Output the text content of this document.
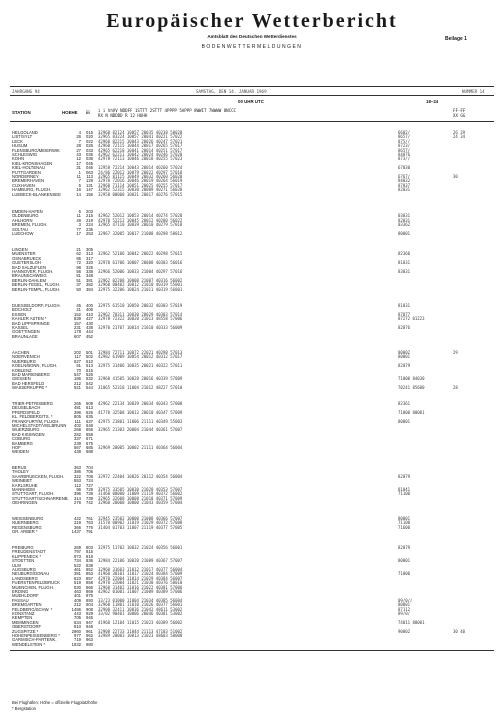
Europäischer Wetterbericht
Amtsblatt des Deutschen Wetterdienstes	Beilage 1
BODENWETTERMELDUNGEN
JAHRGANG 94	SAMSTAG, DEN 14. JANUAR 1969	NUMMER 14
00 UHR UTC	18–24
STATION	HOEHE iii i i hhVV NDDFF 1STTT 2STTT 4PPPP 5APPP 8WWIT 7WWWW 8NCCC
RX N NDDDD R 12 HUHH
FF-FF
XX GG
HELGOLAND	4	015 32968 82124 10057 20035 40238 58020	6602/	26 39
LIST/SYLT	26	020 32965 83224 10057 20041 40221 57022	8657/	24 34
LECK	7	022 42960 82215 10043 20026 40247 57021	875//
HUSUM	28	026 42960 72115 10044 20017 40265 57017	8723/
FLENSBURG/MEIERWIK	27	033 42965 62218 10041 20014 40251 57017	8657/
SCHLESWIG	43	035 42962 62211 10042 20024 40246 57020	84076
KOHN	12	036 42978 72113 10046 20018 40255 57023	873//
KIEL-KRONSHAGEN	17	045
KIEL-HOLTENAU	31	046 12958 72214 10043 20014 40260 57024	67030
PUTTGARDEN	1	063 24/86 22012 10079 20022 40297 57018
NORDERNEY	11	113 32965 81115 10049 20032 40260 56020	6767/	30
BREMERHAVEN	7	129 32970 72016 10046 20019 40264 56019	84032
CUXHAVEN	5	131 32960 71114 10051 20025 40255 57017	87037
HAMBURG, FLUGH.	16	147 32962 52315 10030 20009 40271 56020	82031
LUEBECK-BLANKENSEE	14	156 32958 00000 10031 20017 40276 57015
EMDEN-HAFEN	5	203
OLDENBURG	11	215 42962 52012 10053 20014 40274 57020	03031
AHLHORN	49	219 42970 52212 10045 20012 40280 56022	82031
BREMEN, FLUGH.	3	224 32965 47110 10039 20010 40279 57018	03362
SOLTAU	77	235
LUECHOW	17	253 32967 32005 10017 21008 40298 58012	80001
LINGEN	21	305
MUENSTER	62	313 32962 52106 10042 20022 40298 57015	82360
OSNABRUECK	95	317
GUETERSLOH	72	320 32970 61706 10007 20008 40303 56016	81031
BAD SALZUFLEN	98	325
HANNOVER, FLUGH.	56	338 32966 52006 10033 21004 40297 57016	83031
BRAUNSCHWEIG	81	348
BERLIN-DAHLEM	51	381 32962 02208 10008 21007 40316 56002
BERLIN-TEGEL, FLUGH.	37	382 32960 00402 10012 21010 40319 55001
BERLIN-TEMPL, FLUGH.	50	384 32975 32206 10024 21011 40319 56001
DUESSELDORF, FLUGH.	45	400 32975 61510 10050 20032 40303 57019	81031
BOCHOLT	21	406
ESSEN	152	410 32962 70311 10030 20029 40303 57014	87077
KAHLER ASTEN *	839	427 32978 72322 10020 21013 48558 57006	87272 01223
BAD LIPPSPRINGE	157	430
KASSEL	231	438 32970 21707 10014 21010 40333 56009	82076
GOETTINGEN	178	444
BRAUNLAGE	607	452
AACHEN	202	501 32984 72711 10072 22021 40298 57013	80002	29
NOERVENICH	117	502 42982 61909 10054 20012 40312 57017	80001
NUERBURG	627	510
KOELN/BONN, FLUGH.	91	513 32975 31406 10035 20021 40322 57011	82079
KOBLENZ	70	515
BAD MARIENBERG	547	526
GIESSEN	186	532 32960 41505 10028 20016 40339 57009	71000 84030
BAD HERSFELD	212	542
WASSERKUPPE *	921	544 31065 52318 11004 21012 48227 57010	70241 85600	28
TRIER-PETRISBERG	265	609 42962 22134 10039 20034 40343 57008	82361
DEUSELBACH	481	613
PFERDSFELD	396	626 41770 32508 10013 20010 40347 57009	71000 80001
KL. FELDBERG/TS. *	805	635
FRANKFURT/M, FLUGH.	111	637 42975 21801 11006 21111 40349 55003	80001
MICHELSTADT/VIELBRUNN	402	648
WUERZBURG	268	655 32965 21303 20004 21044 40361 57007
BAD KISSINGEN	282	658
COBURG	337	671
BAMBERG	239	675
HOF	567	685 32969 20005 10002 21111 40364 56004
WEIDEN	438	688
BERUS	363	704
THOLEY	386	706
SAARBRUECKEN, FLUGH.	322	708 32972 22404 10026 20112 40354 56004	82079
WEINBIET	553	724
KARLSRUHE	112	727
MANNHEIM	96	729 32975 33505 10030 21028 40353 57007	81041
STUTTGART, FLUGH.	396	738 31460 00000 11009 21119 40372 56002	71100
STUTTGART/SCHNARRENB.	314	739 32965 32608 10008 21010 40371 57009
OEHRINGEN	276	742 32960 20000 10000 21043 40359 57004
WEISSENBURG	422	761 32945 23502 10000 21008 40366 57007	80001
NUERNBERG	319	763 31570 00902 11019 21029 40372 57008	71100
REGENSBURG	366	776 31404 01703 11007 21119 40377 57005	71600
GR. ARBER *	1437	791
FREIBURG	269	803 32975 11702 10032 21024 40356 56001	82079
FREUDENSTADT	797	815
KLIPPENECK *	973	818
STOETTEN	734	836 32984 22106 10020 21009 40367 57007	80001
ULM	522	838
AUGSBURG	461	852 32960 31603 11012 21017 40377 56004
NEUBURG/DONAU	381	853 41960 30101 11017 21024 40384 57009	71000
LANDSBERG	623	857 42970 22004 11014 21029 40384 56007
FUERSTENFELDBRUCK	519	858 42970 22004 11021 21030 40376 58010
MUENCHEN, FLUGH.	530	866 32968 31402 11016 21022 40381 57006
ERDING	463	869 42962 01001 11007 21009 40389 57006
MUEHLDORF	401	875
PASSAU	409	893 33/23 01000 11004 21034 40385 56004	09/0//
BREMGARTEN	212	904 32960 11801 11010 21026 40377 56001	80001
FELDBERG/SCHW. *	1486	908 32908 32411 10036 21042 48611 53002	87112
KONSTANZ	443	929 33/02 90401 10006 20046 40381 53002	89/0/
KEMPTEN	705	946
MEMMINGEN	634	947 41960 12104 11015 21023 40389 56002	74011 80001
OBERSTDORF	810	948
ZUGSPITZE *	2960	961 32908 22733 11044 21113 47183 51002	90002	30 40
HOHENPEISSENBERG *	977	962 32989 20003 10013 21023 48603 58008
GARMISCH-PARTENK.	719	963
WENDELSTEIN *	1832	980
Bei Flughäfen: Höhe = offizielle Flugplatzhöhe
* Bergstation
